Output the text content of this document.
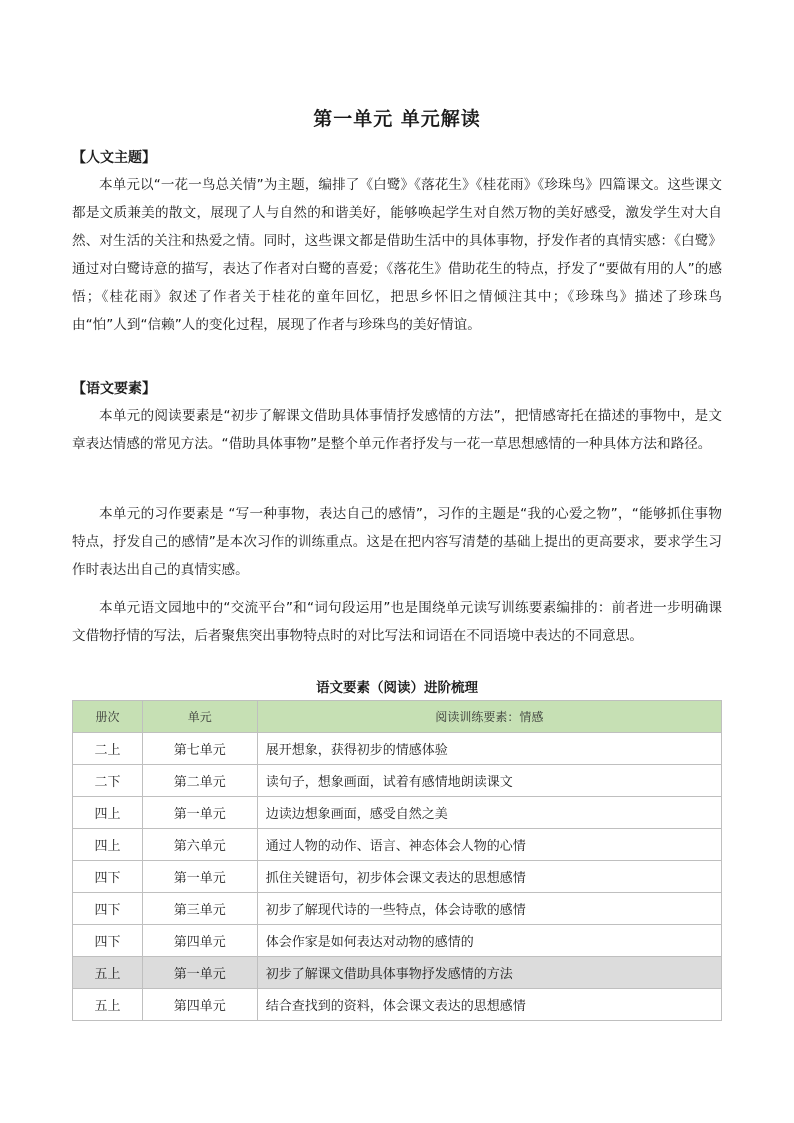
第一单元 单元解读
【人文主题】
本单元以“一花一鸟总关情”为主题，编排了《白鹭》《落花生》《桂花雨》《珍珠鸟》四篇课文。这些课文都是文质兼美的散文，展现了人与自然的和谐美好，能够唤起学生对自然万物的美好感受，激发学生对大自然、对生活的关注和热爱之情。同时，这些课文都是借助生活中的具体事物，抒发作者的真情实感：《白鹭》通过对白鹭诗意的描写，表达了作者对白鹭的喜爱；《落花生》借助花生的特点，抒发了“要做有用的人”的感悟；《桂花雨》叙述了作者关于桂花的童年回忆，把思乡怀旧之情倾注其中；《珍珠鸟》描述了珍珠鸟由“怕”人到“信赖”人的变化过程，展现了作者与珍珠鸟的美好情谊。
【语文要素】
本单元的阅读要素是“初步了解课文借助具体事情抒发感情的方法”，把情感寄托在描述的事物中，是文章表达情感的常见方法。“借助具体事物”是整个单元作者抒发与一花一草思想感情的一种具体方法和路径。
本单元的习作要素是 “写一种事物，表达自己的感情”，习作的主题是“我的心爱之物”，“能够抓住事物特点，抒发自己的感情”是本次习作的训练重点。这是在把内容写清楚的基础上提出的更高要求，要求学生习作时表达出自己的真情实感。
本单元语文园地中的“交流平台”和“词句段运用”也是围绕单元读写训练要素编排的：前者进一步明确课文借物抒情的写法，后者聚焦突出事物特点时的对比写法和词语在不同语境中表达的不同意思。
语文要素（阅读）进阶梳理
册次	单元	阅读训练要素：情感
二上	第七单元	展开想象，获得初步的情感体验
二下	第二单元	读句子，想象画面，试着有感情地朗读课文
四上	第一单元	边读边想象画面，感受自然之美
四上	第六单元	通过人物的动作、语言、神态体会人物的心情
四下	第一单元	抓住关键语句，初步体会课文表达的思想感情
四下	第三单元	初步了解现代诗的一些特点，体会诗歌的感情
四下	第四单元	体会作家是如何表达对动物的感情的
五上	第一单元	初步了解课文借助具体事物抒发感情的方法
五上	第四单元	结合查找到的资料，体会课文表达的思想感情
